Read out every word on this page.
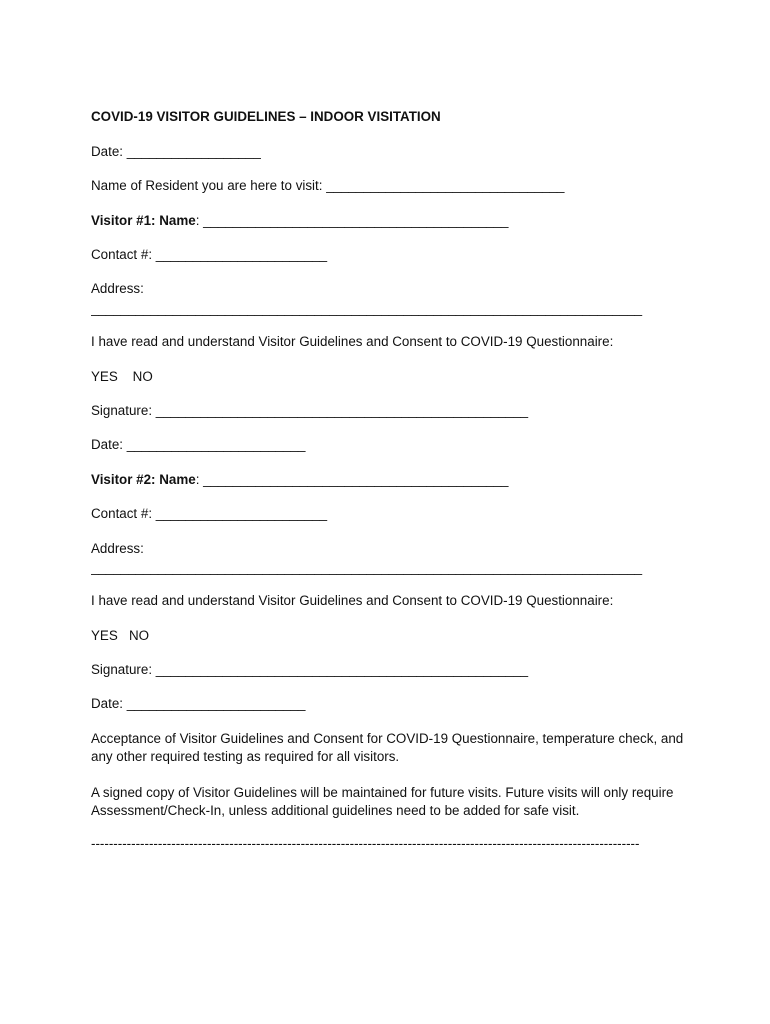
COVID-19 VISITOR GUIDELINES – INDOOR VISITATION

Date: __________________

Name of Resident you are here to visit: ________________________________

Visitor #1: Name: _________________________________________

Contact #: _______________________

Address:

__________________________________________________________________________

I have read and understand Visitor Guidelines and Consent to COVID-19 Questionnaire:

YES    NO

Signature: __________________________________________________

Date: ________________________

Visitor #2: Name: _________________________________________

Contact #: _______________________

Address:

__________________________________________________________________________

I have read and understand Visitor Guidelines and Consent to COVID-19 Questionnaire:

YES   NO

Signature: __________________________________________________

Date: ________________________

Acceptance of Visitor Guidelines and Consent for COVID-19 Questionnaire, temperature check, and any other required testing as required for all visitors.

A signed copy of Visitor Guidelines will be maintained for future visits. Future visits will only require Assessment/Check-In, unless additional guidelines need to be added for safe visit.

---------------------------------------------------------------------------------------------------------------------------
